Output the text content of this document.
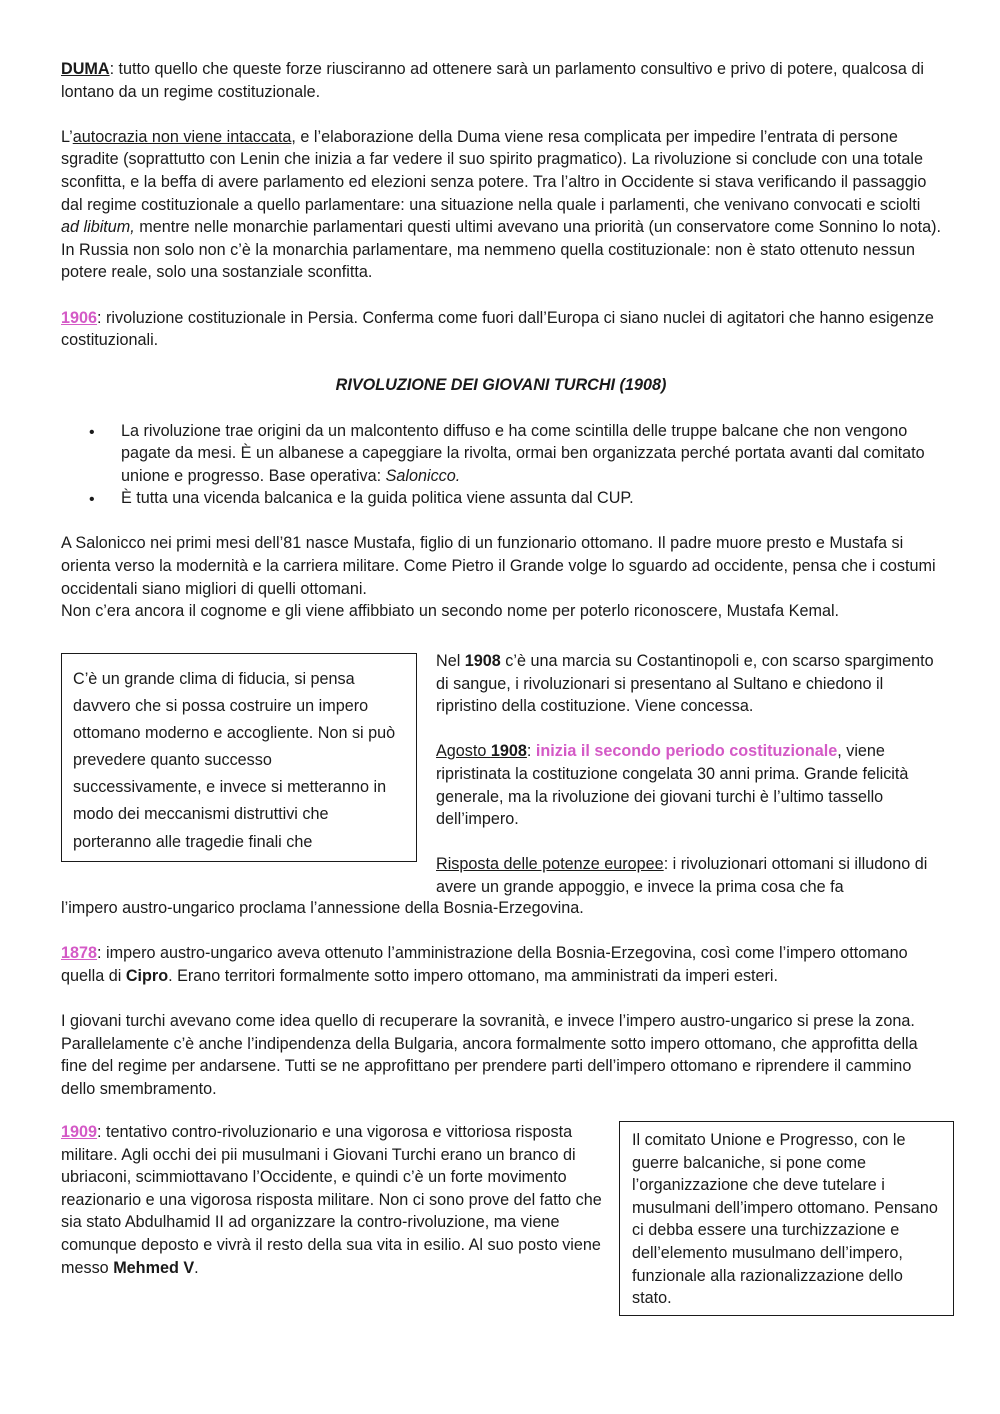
DUMA: tutto quello che queste forze riusciranno ad ottenere sarà un parlamento consultivo e privo di potere, qualcosa di lontano da un regime costituzionale.

L’autocrazia non viene intaccata, e l’elaborazione della Duma viene resa complicata per impedire l’entrata di persone sgradite (soprattutto con Lenin che inizia a far vedere il suo spirito pragmatico). La rivoluzione si conclude con una totale sconfitta, e la beffa di avere parlamento ed elezioni senza potere. Tra l’altro in Occidente si stava verificando il passaggio dal regime costituzionale a quello parlamentare: una situazione nella quale i parlamenti, che venivano convocati e sciolti ad libitum, mentre nelle monarchie parlamentari questi ultimi avevano una priorità (un conservatore come Sonnino lo nota). In Russia non solo non c’è la monarchia parlamentare, ma nemmeno quella costituzionale: non è stato ottenuto nessun potere reale, solo una sostanziale sconfitta.

1906: rivoluzione costituzionale in Persia. Conferma come fuori dall’Europa ci siano nuclei di agitatori che hanno esigenze costituzionali.

RIVOLUZIONE DEI GIOVANI TURCHI (1908)

• La rivoluzione trae origini da un malcontento diffuso e ha come scintilla delle truppe balcane che non vengono pagate da mesi. È un albanese a capeggiare la rivolta, ormai ben organizzata perché portata avanti dal comitato unione e progresso. Base operativa: Salonicco.
• È tutta una vicenda balcanica e la guida politica viene assunta dal CUP.

A Salonicco nei primi mesi dell’81 nasce Mustafa, figlio di un funzionario ottomano. Il padre muore presto e Mustafa si orienta verso la modernità e la carriera militare. Come Pietro il Grande volge lo sguardo ad occidente, pensa che i costumi occidentali siano migliori di quelli ottomani.

Non c’era ancora il cognome e gli viene affibbiato un secondo nome per poterlo riconoscere, Mustafa Kemal.

C’è un grande clima di fiducia, si pensa davvero che si possa costruire un impero ottomano moderno e accogliente. Non si può prevedere quanto successo successivamente, e invece si metteranno in modo dei meccanismi distruttivi che porteranno alle tragedie finali che

Nel 1908 c’è una marcia su Costantinopoli e, con scarso spargimento di sangue, i rivoluzionari si presentano al Sultano e chiedono il ripristino della costituzione. Viene concessa.

Agosto 1908: inizia il secondo periodo costituzionale, viene ripristinata la costituzione congelata 30 anni prima. Grande felicità generale, ma la rivoluzione dei giovani turchi è l’ultimo tassello dell’impero.

Risposta delle potenze europee: i rivoluzionari ottomani si illudono di avere un grande appoggio, e invece la prima cosa che fa

l’impero austro-ungarico proclama l’annessione della Bosnia-Erzegovina.

1878: impero austro-ungarico aveva ottenuto l’amministrazione della Bosnia-Erzegovina, così come l’impero ottomano quella di Cipro. Erano territori formalmente sotto impero ottomano, ma amministrati da imperi esteri.

I giovani turchi avevano come idea quello di recuperare la sovranità, e invece l’impero austro-ungarico si prese la zona. Parallelamente c’è anche l’indipendenza della Bulgaria, ancora formalmente sotto impero ottomano, che approfitta della fine del regime per andarsene. Tutti se ne approfittano per prendere parti dell’impero ottomano e riprendere il cammino dello smembramento.

1909: tentativo contro-rivoluzionario e una vigorosa e vittoriosa risposta militare. Agli occhi dei pii musulmani i Giovani Turchi erano un branco di ubriaconi, scimmiottavano l’Occidente, e quindi c’è un forte movimento reazionario e una vigorosa risposta militare. Non ci sono prove del fatto che sia stato Abdulhamid II ad organizzare la contro-rivoluzione, ma viene comunque deposto e vivrà il resto della sua vita in esilio. Al suo posto viene messo Mehmed V.

Il comitato Unione e Progresso, con le guerre balcaniche, si pone come l’organizzazione che deve tutelare i musulmani dell’impero ottomano. Pensano ci debba essere una turchizzazione e dell’elemento musulmano dell’impero, funzionale alla razionalizzazione dello stato.
